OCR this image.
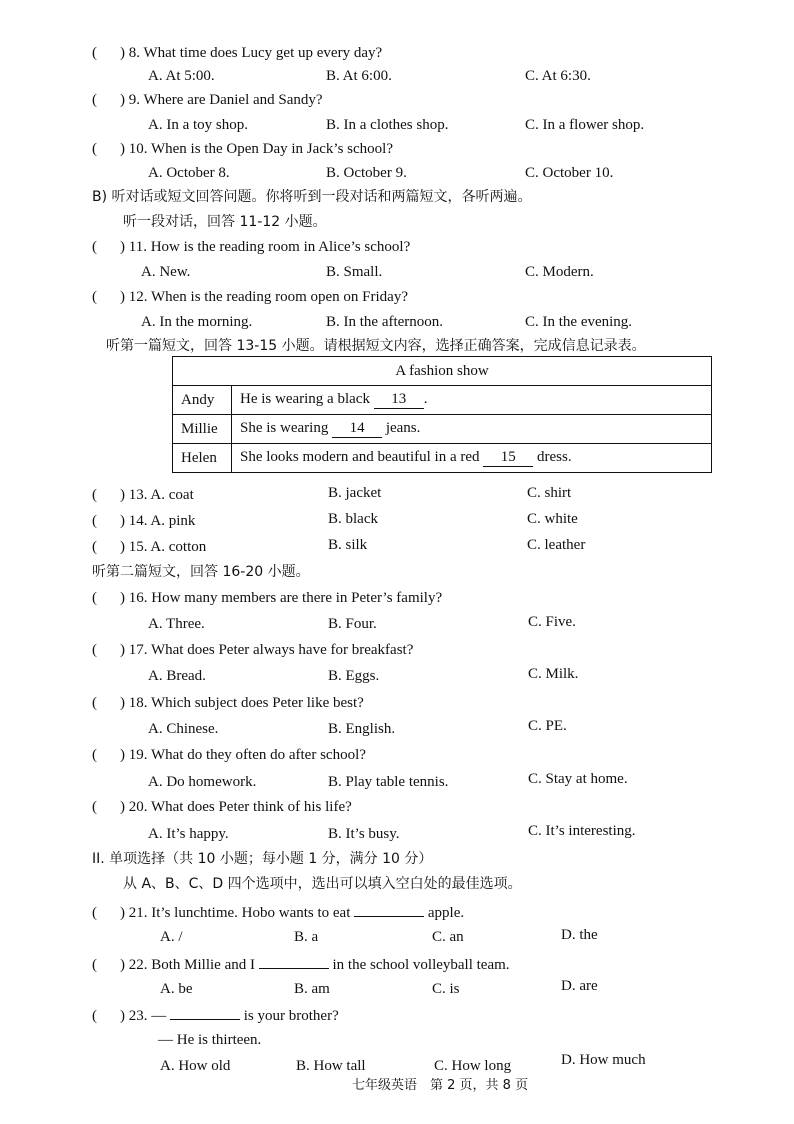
( ) 8. What time does Lucy get up every day?
A. At 5:00.	B. At 6:00.	C. At 6:30.
( ) 9. Where are Daniel and Sandy?
A. In a toy shop.	B. In a clothes shop.	C. In a flower shop.
( ) 10. When is the Open Day in Jack’s school?
A. October 8.	B. October 9.	C. October 10.
B) 听对话或短文回答问题。你将听到一段对话和两篇短文，各听两遍。
听一段对话，回答 11-12 小题。
( ) 11. How is the reading room in Alice’s school?
A. New.	B. Small.	C. Modern.
( ) 12. When is the reading room open on Friday?
A. In the morning.	B. In the afternoon.	C. In the evening.
听第一篇短文，回答 13-15 小题。请根据短文内容，选择正确答案，完成信息记录表。
A fashion show	
Andy	He is wearing a black 13 .
Millie	She is wearing 14 jeans.
Helen	She looks modern and beautiful in a red 15 dress.
( ) 13. A. coat	B. jacket	C. shirt
( ) 14. A. pink	B. black	C. white
( ) 15. A. cotton	B. silk	C. leather
听第二篇短文，回答 16-20 小题。
( ) 16. How many members are there in Peter’s family?
A. Three.	B. Four.	C. Five.
( ) 17. What does Peter always have for breakfast?
A. Bread.	B. Eggs.	C. Milk.
( ) 18. Which subject does Peter like best?
A. Chinese.	B. English.	C. PE.
( ) 19. What do they often do after school?
A. Do homework.	B. Play table tennis.	C. Stay at home.
( ) 20. What does Peter think of his life?
A. It’s happy.	B. It’s busy.	C. It’s interesting.
II. 单项选择（共 10 小题；每小题 1 分，满分 10 分）
从 A、B、C、D 四个选项中，选出可以填入空白处的最佳选项。
( ) 21. It’s lunchtime. Hobo wants to eat	apple.
A. /	B. a	C. an	D. the
( ) 22. Both Millie and I	in the school volleyball team.
A. be	B. am	C. is	D. are
( ) 23. —	is your brother?
— He is thirteen.
A. How old	B. How tall	C. How long	D. How much
七年级英语　第 2 页，共 8 页
